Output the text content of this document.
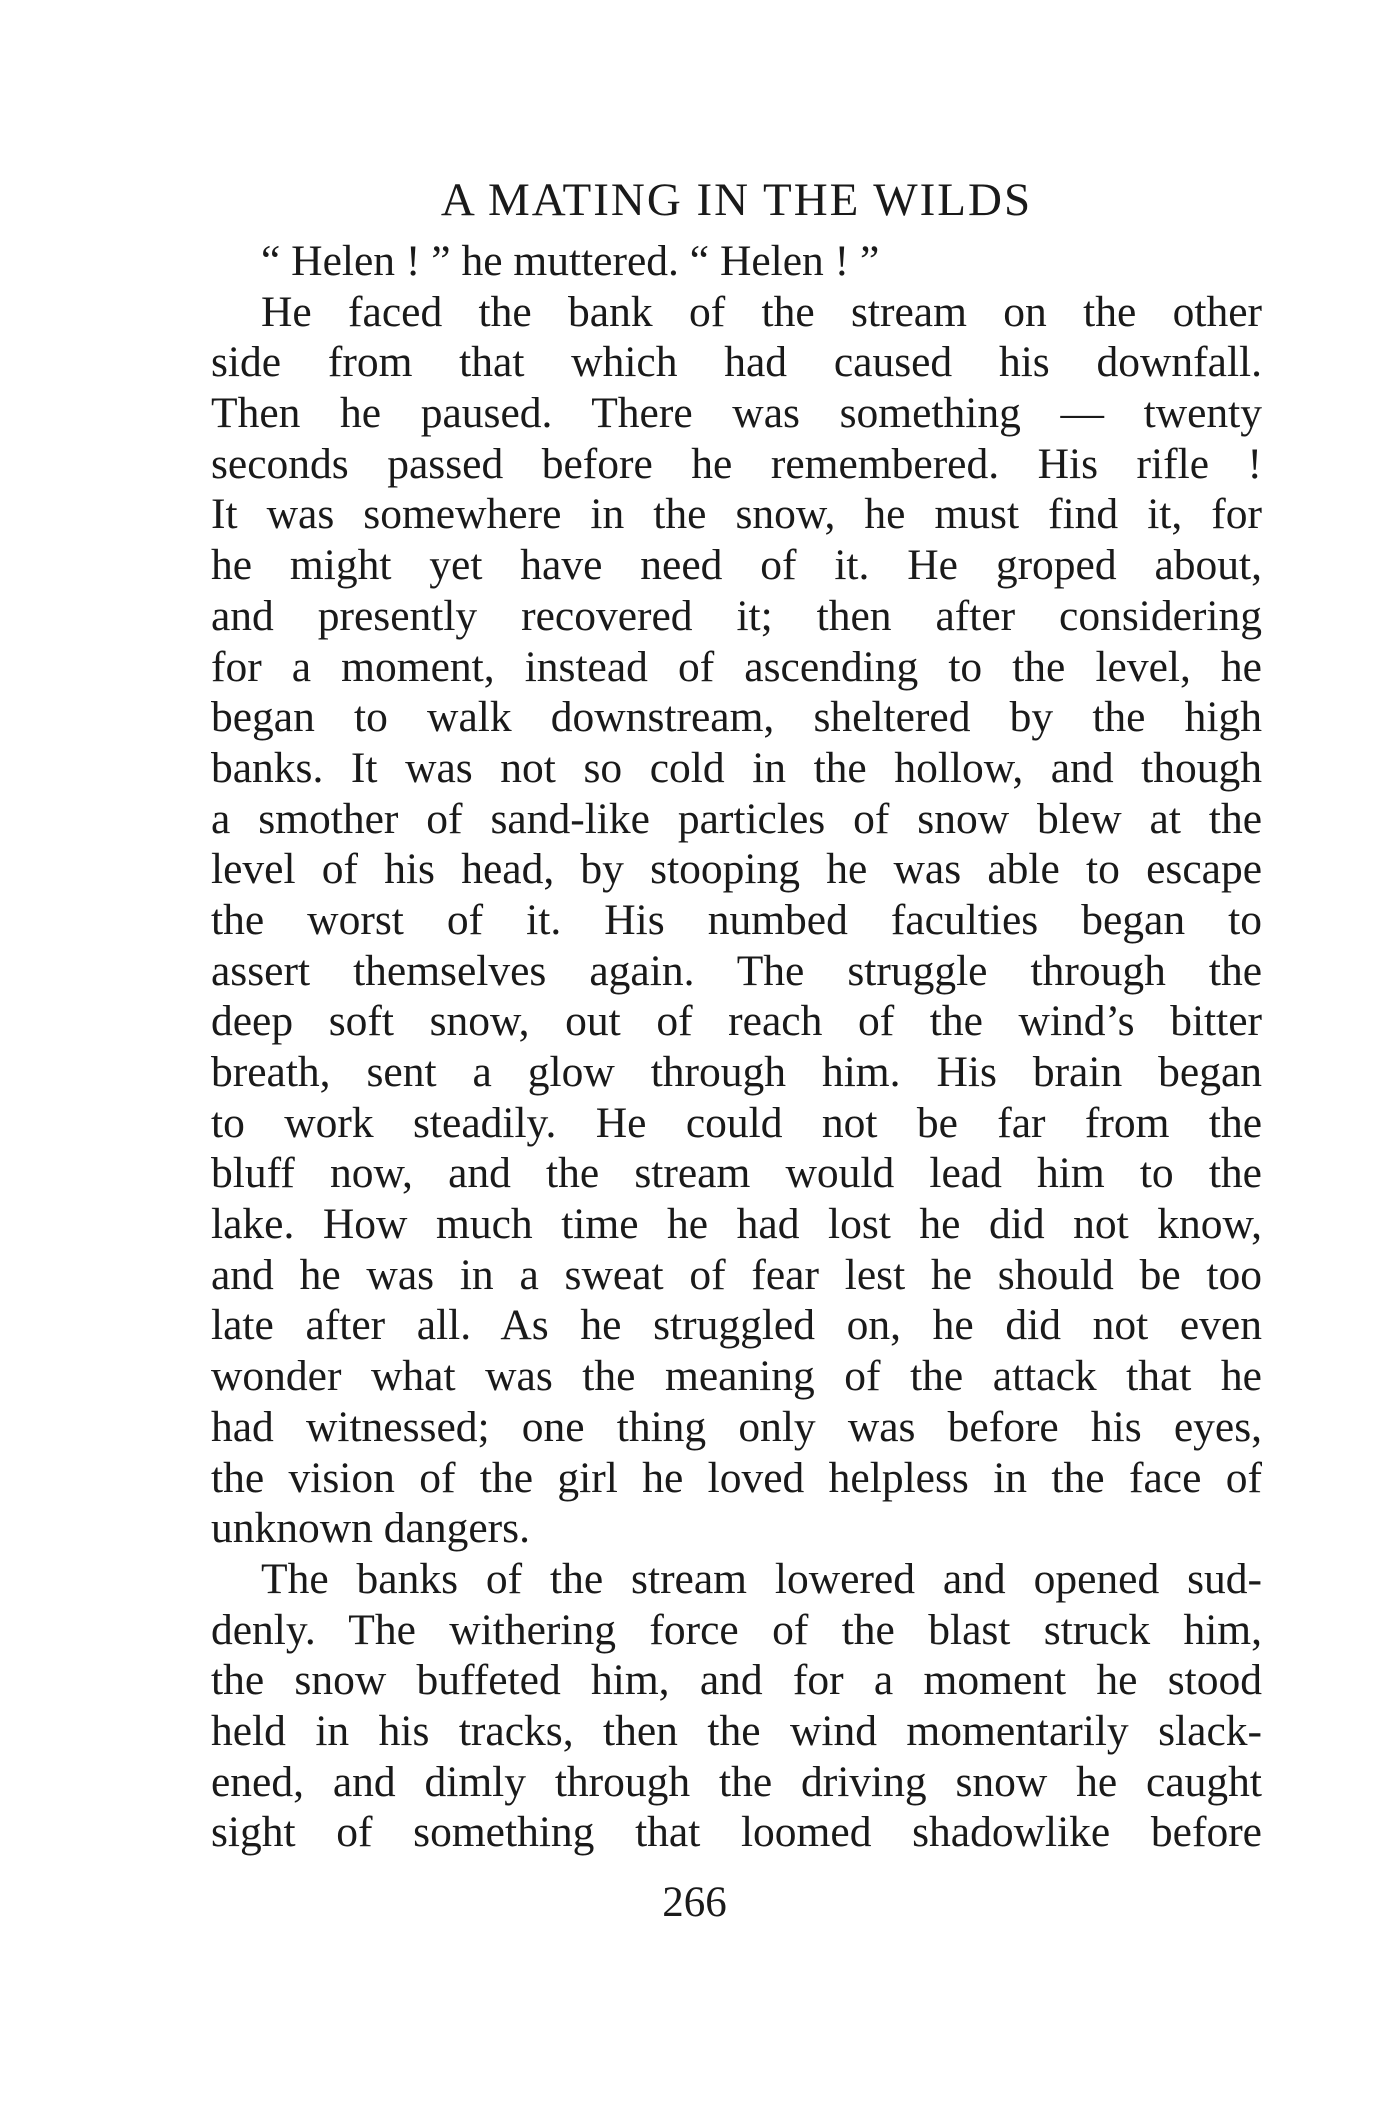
A MATING IN THE WILDS
“ Helen ! ” he muttered. “ Helen ! ”
He faced the bank of the stream on the other
side from that which had caused his downfall.
Then he paused. There was something — twenty
seconds passed before he remembered. His rifle !
It was somewhere in the snow, he must find it, for
he might yet have need of it. He groped about,
and presently recovered it; then after considering
for a moment, instead of ascending to the level, he
began to walk downstream, sheltered by the high
banks. It was not so cold in the hollow, and though
a smother of sand-like particles of snow blew at the
level of his head, by stooping he was able to escape
the worst of it. His numbed faculties began to
assert themselves again. The struggle through the
deep soft snow, out of reach of the wind’s bitter
breath, sent a glow through him. His brain began
to work steadily. He could not be far from the
bluff now, and the stream would lead him to the
lake. How much time he had lost he did not know,
and he was in a sweat of fear lest he should be too
late after all. As he struggled on, he did not even
wonder what was the meaning of the attack that he
had witnessed; one thing only was before his eyes,
the vision of the girl he loved helpless in the face of
unknown dangers.
The banks of the stream lowered and opened sud-
denly. The withering force of the blast struck him,
the snow buffeted him, and for a moment he stood
held in his tracks, then the wind momentarily slack-
ened, and dimly through the driving snow he caught
sight of something that loomed shadowlike before
266
